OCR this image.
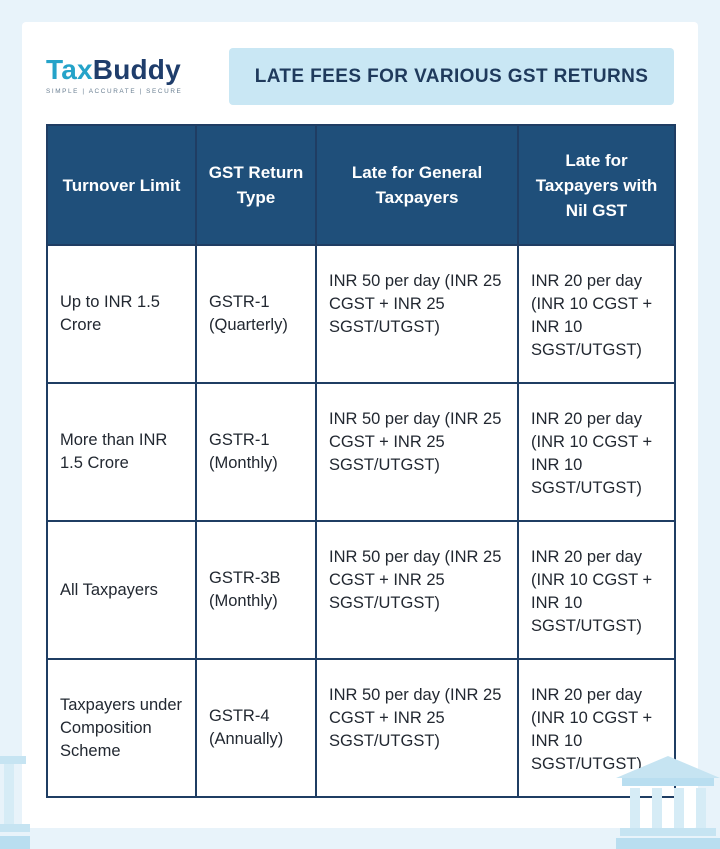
TaxBuddy
SIMPLE | ACCURATE | SECURE
LATE FEES FOR VARIOUS GST RETURNS
Turnover Limit	GST Return Type	Late for General Taxpayers	Late for Taxpayers with Nil GST
Up to INR 1.5 Crore	GSTR-1 (Quarterly)	INR 50 per day (INR 25 CGST + INR 25 SGST/UTGST)	INR 20 per day (INR 10 CGST + INR 10 SGST/UTGST)
More than INR 1.5 Crore	GSTR-1 (Monthly)	INR 50 per day (INR 25 CGST + INR 25 SGST/UTGST)	INR 20 per day (INR 10 CGST + INR 10 SGST/UTGST)
All Taxpayers	GSTR-3B (Monthly)	INR 50 per day (INR 25 CGST + INR 25 SGST/UTGST)	INR 20 per day (INR 10 CGST + INR 10 SGST/UTGST)
Taxpayers under Composition Scheme	GSTR-4 (Annually)	INR 50 per day (INR 25 CGST + INR 25 SGST/UTGST)	INR 20 per day (INR 10 CGST + INR 10 SGST/UTGST)
